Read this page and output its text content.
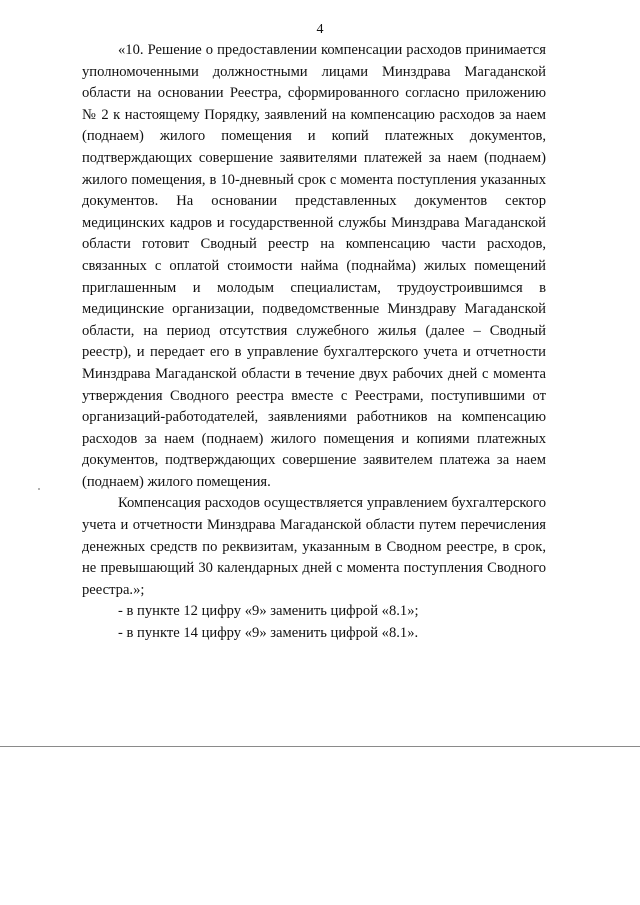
4

«10. Решение о предоставлении компенсации расходов принимается уполномоченными должностными лицами Минздрава Магаданской области на основании Реестра, сформированного согласно приложению № 2 к настоящему Порядку, заявлений на компенсацию расходов за наем (поднаем) жилого помещения и копий платежных документов, подтверждающих совершение заявителями платежей за наем (поднаем) жилого помещения, в 10-дневный срок с момента поступления указанных документов. На основании представленных документов сектор медицинских кадров и государственной службы Минздрава Магаданской области готовит Сводный реестр на компенсацию части расходов, связанных с оплатой стоимости найма (поднайма) жилых помещений приглашенным и молодым специалистам, трудоустроившимся в медицинские организации, подведомственные Минздраву Магаданской области, на период отсутствия служебного жилья (далее – Сводный реестр), и передает его в управление бухгалтерского учета и отчетности Минздрава Магаданской области в течение двух рабочих дней с момента утверждения Сводного реестра вместе с Реестрами, поступившими от организаций-работодателей, заявлениями работников на компенсацию расходов за наем (поднаем) жилого помещения и копиями платежных документов, подтверждающих совершение заявителем платежа за наем (поднаем) жилого помещения.

Компенсация расходов осуществляется управлением бухгалтерского учета и отчетности Минздрава Магаданской области путем перечисления денежных средств по реквизитам, указанным в Сводном реестре, в срок, не превышающий 30 календарных дней с момента поступления Сводного реестра.»;

- в пункте 12 цифру «9» заменить цифрой «8.1»;

- в пункте 14 цифру «9» заменить цифрой «8.1».
